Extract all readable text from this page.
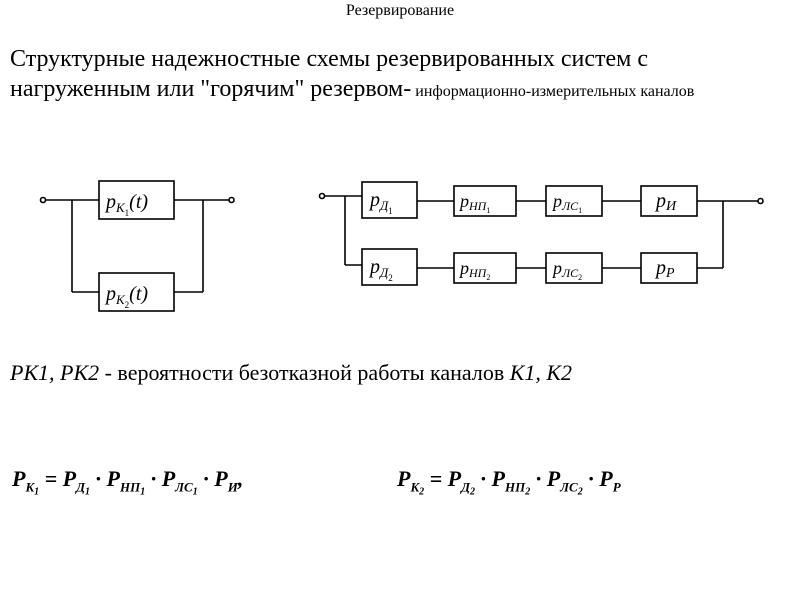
Резервирование
Структурные надежностные схемы резервированных систем с нагруженным или "горячим" резервом- информационно-измерительных каналов
$p_{K1}(t)$
$p_{K2}(t)$
$p_{Д1}$	pНП1	pЛС1	pИ
$p_{Д2}$	pНП2	pЛС2	pР
РК1, РК2 - вероятности безотказной работы каналов К1, К2
$P_{K_1} = P_{Д_1} \cdot P_{НП_1} \cdot P_{ЛС_1} \cdot P_И$,	$P_{K_2} = P_{Д_2} \cdot P_{НП_2} \cdot P_{ЛС_2} \cdot P_Р$
